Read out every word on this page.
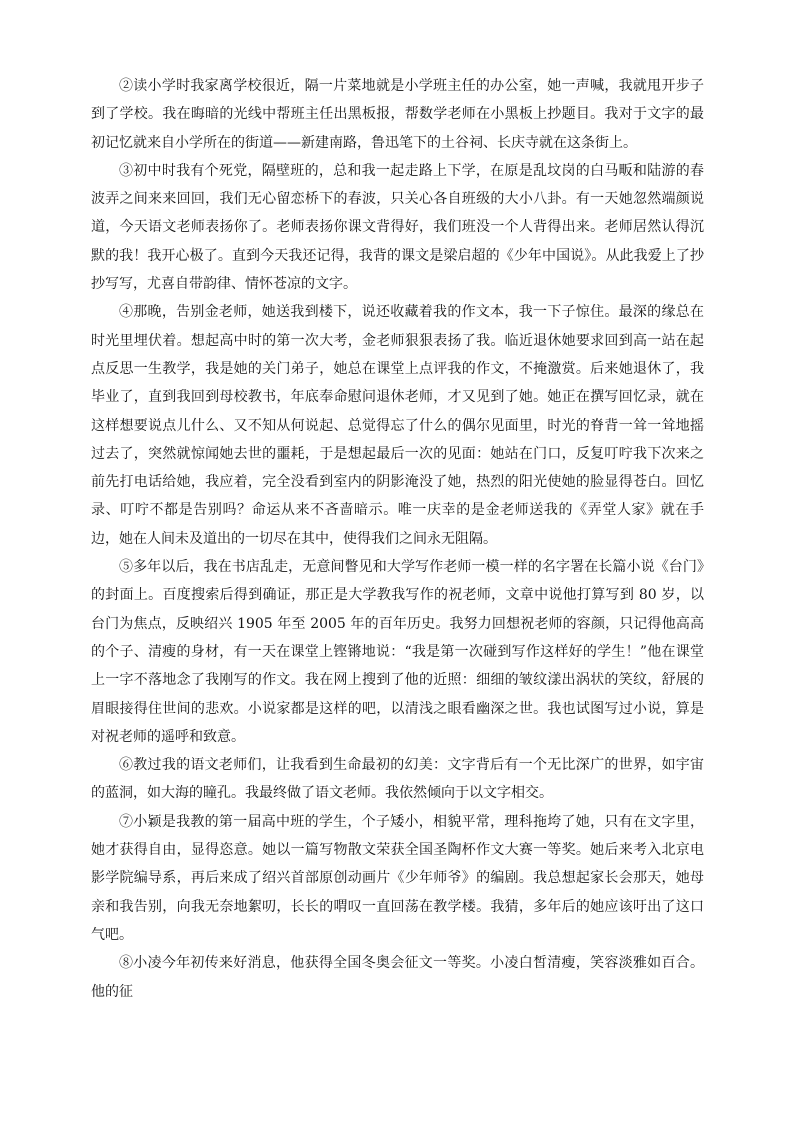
②读小学时我家离学校很近，隔一片菜地就是小学班主任的办公室，她一声喊，我就甩开步子到了学校。我在晦暗的光线中帮班主任出黑板报，帮数学老师在小黑板上抄题目。我对于文字的最初记忆就来自小学所在的街道——新建南路，鲁迅笔下的土谷祠、长庆寺就在这条街上。

③初中时我有个死党，隔壁班的，总和我一起走路上下学，在原是乱坟岗的白马畈和陆游的春波弄之间来来回回，我们无心留恋桥下的春波，只关心各自班级的大小八卦。有一天她忽然端颜说道，今天语文老师表扬你了。老师表扬你课文背得好，我们班没一个人背得出来。老师居然认得沉默的我！我开心极了。直到今天我还记得，我背的课文是梁启超的《少年中国说》。从此我爱上了抄抄写写，尤喜自带韵律、情怀苍凉的文字。

④那晚，告别金老师，她送我到楼下，说还收藏着我的作文本，我一下子惊住。最深的缘总在时光里埋伏着。想起高中时的第一次大考，金老师狠狠表扬了我。临近退休她要求回到高一站在起点反思一生教学，我是她的关门弟子，她总在课堂上点评我的作文，不掩激赏。后来她退休了，我毕业了，直到我回到母校教书，年底奉命慰问退休老师，才又见到了她。她正在撰写回忆录，就在这样想要说点儿什么、又不知从何说起、总觉得忘了什么的偶尔见面里，时光的脊背一耸一耸地摇过去了，突然就惊闻她去世的噩耗，于是想起最后一次的见面：她站在门口，反复叮咛我下次来之前先打电话给她，我应着，完全没看到室内的阴影淹没了她，热烈的阳光使她的脸显得苍白。回忆录、叮咛不都是告别吗？命运从来不吝啬暗示。唯一庆幸的是金老师送我的《弄堂人家》就在手边，她在人间未及道出的一切尽在其中，使得我们之间永无阻隔。

⑤多年以后，我在书店乱走，无意间瞥见和大学写作老师一模一样的名字署在长篇小说《台门》的封面上。百度搜索后得到确证，那正是大学教我写作的祝老师，文章中说他打算写到 80 岁，以台门为焦点，反映绍兴 1905 年至 2005 年的百年历史。我努力回想祝老师的容颜，只记得他高高的个子、清瘦的身材，有一天在课堂上铿锵地说：“我是第一次碰到写作这样好的学生！”他在课堂上一字不落地念了我刚写的作文。我在网上搜到了他的近照：细细的皱纹漾出涡状的笑纹，舒展的眉眼接得住世间的悲欢。小说家都是这样的吧，以清浅之眼看幽深之世。我也试图写过小说，算是对祝老师的遥呼和致意。

⑥教过我的语文老师们，让我看到生命最初的幻美：文字背后有一个无比深广的世界，如宇宙的蓝洞，如大海的瞳孔。我最终做了语文老师。我依然倾向于以文字相交。

⑦小颖是我教的第一届高中班的学生，个子矮小，相貌平常，理科拖垮了她，只有在文字里，她才获得自由，显得恣意。她以一篇写物散文荣获全国圣陶杯作文大赛一等奖。她后来考入北京电影学院编导系，再后来成了绍兴首部原创动画片《少年师爷》的编剧。我总想起家长会那天，她母亲和我告别，向我无奈地絮叨，长长的喟叹一直回荡在教学楼。我猜，多年后的她应该吁出了这口气吧。

⑧小凌今年初传来好消息，他获得全国冬奥会征文一等奖。小凌白皙清瘦，笑容淡雅如百合。他的征
